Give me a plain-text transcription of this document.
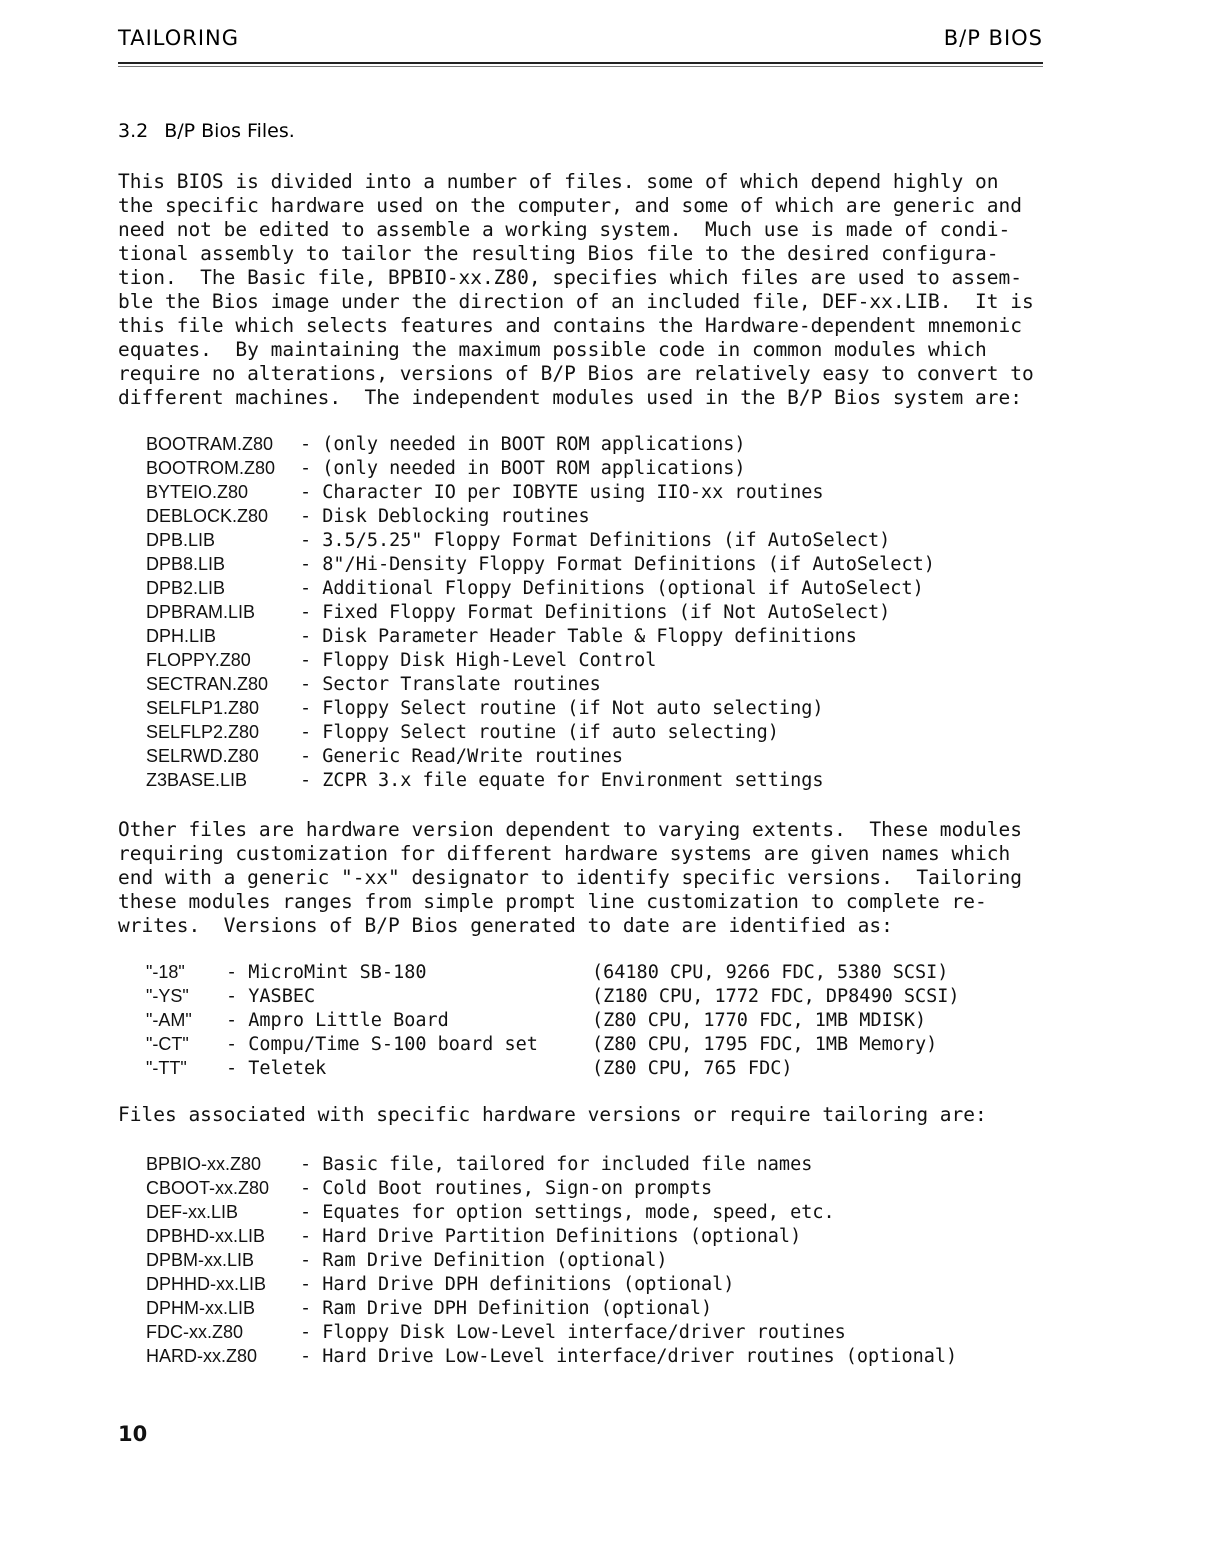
TAILORING	B/P BIOS
3.2 B/P Bios Files.

This BIOS is divided into a number of files. some of which depend highly on
the specific hardware used on the computer, and some of which are generic and
need not be edited to assemble a working system.  Much use is made of condi-
tional assembly to tailor the resulting Bios file to the desired configura-
tion.  The Basic file, BPBIO-xx.Z80, specifies which files are used to assem-
ble the Bios image under the direction of an included file, DEF-xx.LIB.  It is
this file which selects features and contains the Hardware-dependent mnemonic
equates.  By maintaining the maximum possible code in common modules which
require no alterations, versions of B/P Bios are relatively easy to convert to
different machines.  The independent modules used in the B/P Bios system are:

BOOTRAM.Z80 - (only needed in BOOT ROM applications)
BOOTROM.Z80 - (only needed in BOOT ROM applications)
BYTEIO.Z80	- Character IO per IOBYTE using IIO-xx routines
DEBLOCK.Z80 - Disk Deblocking routines
DPB.LIB	- 3.5/5.25" Floppy Format Definitions (if AutoSelect)
DPB8.LIB	- 8"/Hi-Density Floppy Format Definitions (if AutoSelect)
DPB2.LIB	- Additional Floppy Definitions (optional if AutoSelect)
DPBRAM.LIB - Fixed Floppy Format Definitions (if Not AutoSelect)
DPH.LIB	- Disk Parameter Header Table & Floppy definitions
FLOPPY.Z80	- Floppy Disk High-Level Control
SECTRAN.Z80 - Sector Translate routines
SELFLP1.Z80 - Floppy Select routine (if Not auto selecting)
SELFLP2.Z80 - Floppy Select routine (if auto selecting)
SELRWD.Z80 - Generic Read/Write routines
Z3BASE.LIB	- ZCPR 3.x file equate for Environment settings

Other files are hardware version dependent to varying extents.  These modules
requiring customization for different hardware systems are given names which
end with a generic "-xx" designator to identify specific versions.  Tailoring
these modules ranges from simple prompt line customization to complete re-
writes.  Versions of B/P Bios generated to date are identified as:

"-18" - MicroMint SB-180	(64180 CPU, 9266 FDC, 5380 SCSI)
"-YS" - YASBEC	(Z180 CPU, 1772 FDC, DP8490 SCSI)
"-AM" - Ampro Little Board	(Z80 CPU, 1770 FDC, 1MB MDISK)
"-CT" - Compu/Time S-100 board set	(Z80 CPU, 1795 FDC, 1MB Memory)
"-TT" - Teletek	(Z80 CPU, 765 FDC)

Files associated with specific hardware versions or require tailoring are:

BPBIO-xx.Z80 - Basic file, tailored for included file names
CBOOT-xx.Z80 - Cold Boot routines, Sign-on prompts
DEF-xx.LIB	- Equates for option settings, mode, speed, etc.
DPBHD-xx.LIB - Hard Drive Partition Definitions (optional)
DPBM-xx.LIB - Ram Drive Definition (optional)
DPHHD-xx.LIB - Hard Drive DPH definitions (optional)
DPHM-xx.LIB - Ram Drive DPH Definition (optional)
FDC-xx.Z80	- Floppy Disk Low-Level interface/driver routines
HARD-xx.Z80 - Hard Drive Low-Level interface/driver routines (optional)
10
